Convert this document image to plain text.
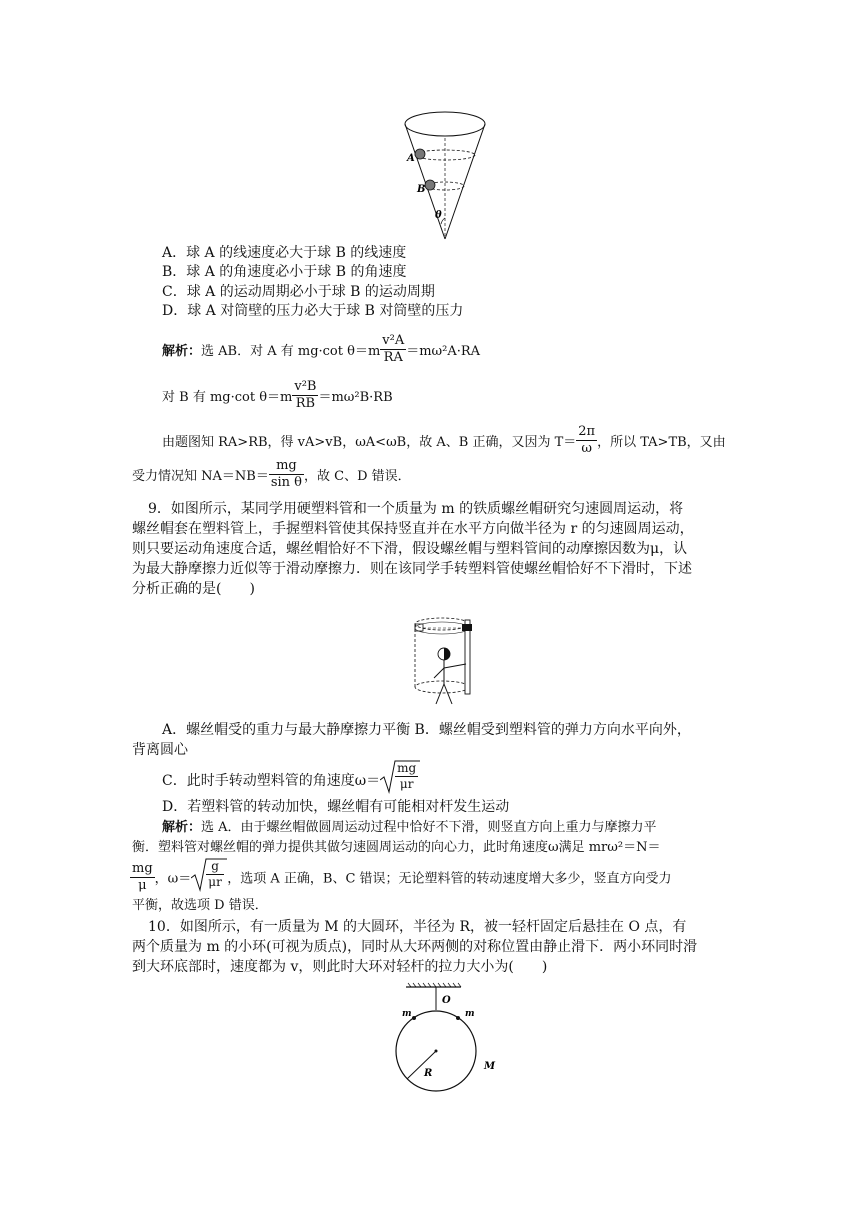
A
B
θ
A．球 A 的线速度必大于球 B 的线速度
B．球 A 的角速度必小于球 B 的角速度
C．球 A 的运动周期必小于球 B 的运动周期
D．球 A 对筒壁的压力必大于球 B 对筒壁的压力
解析：选 AB．对 A 有 mg·cot $\theta=m \frac{\text{v²A}}{RA} =m\omega^2A\cdot RA$
对 B 有 mg·cot $\theta=m \frac{\text{v²B}}{RB} =m\omega^2B\cdot RB$
由题图知 RA>RB，得 vA>vB，ωA<ωB，故 A、B 正确，又因为 $T= \frac{2\pi}{\omega}$ ，所以 TA>TB，又由
受力情况知 $NA=NB= \frac{mg}{\text{sin θ}}$ ，故 C、D 错误．
9．如图所示，某同学用硬塑料管和一个质量为 m 的铁质螺丝帽研究匀速圆周运动，将
螺丝帽套在塑料管上，手握塑料管使其保持竖直并在水平方向做半径为 r 的匀速圆周运动，
则只要运动角速度合适，螺丝帽恰好不下滑，假设螺丝帽与塑料管间的动摩擦因数为μ，认
为最大静摩擦力近似等于滑动摩擦力．则在该同学手转塑料管使螺丝帽恰好不下滑时，下述
分析正确的是(　　)
A．螺丝帽受的重力与最大静摩擦力平衡 B．螺丝帽受到塑料管的弹力方向水平向外，
背离圆心
C．此时手转动塑料管的角速度$\omega= \frac{mg}{\mu r}$
D．若塑料管的转动加快，螺丝帽有可能相对杆发生运动
解析：选 A．由于螺丝帽做圆周运动过程中恰好不下滑，则竖直方向上重力与摩擦力平
衡．塑料管对螺丝帽的弹力提供其做匀速圆周运动的向心力，此时角速度ω满足 mrω²＝N＝
$\frac{mg}{\mu}$ ，$\omega= \frac{g}{\mu r}$ ，选项 A 正确，B、C 错误；无论塑料管的转动速度增大多少，竖直方向受力
平衡，故选项 D 错误．
10．如图所示，有一质量为 M 的大圆环，半径为 R，被一轻杆固定后悬挂在 O 点，有
两个质量为 m 的小环(可视为质点)，同时从大环两侧的对称位置由静止滑下．两小环同时滑
到大环底部时，速度都为 v，则此时大环对轻杆的拉力大小为(　　)
O
m	m
R
M
